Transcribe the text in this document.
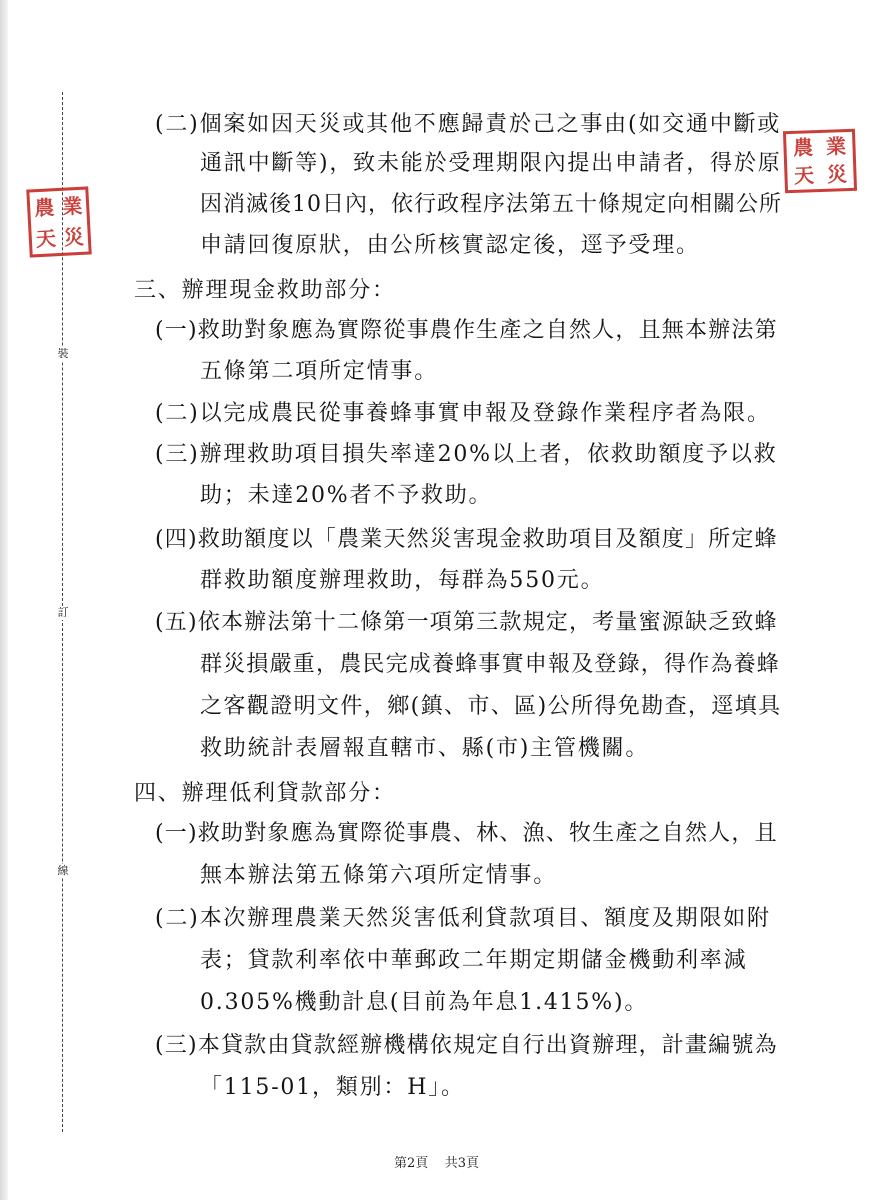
裝
訂
線
農 業
天 災
農 業
天 災
(二)個案如因天災或其他不應歸責於己之事由(如交通中斷或
通訊中斷等)，致未能於受理期限內提出申請者，得於原
因消滅後10日內，依行政程序法第五十條規定向相關公所
申請回復原狀，由公所核實認定後，逕予受理。
三、辦理現金救助部分：
(一)救助對象應為實際從事農作生產之自然人，且無本辦法第
五條第二項所定情事。
(二)以完成農民從事養蜂事實申報及登錄作業程序者為限。
(三)辦理救助項目損失率達20%以上者，依救助額度予以救
助；未達20%者不予救助。
(四)救助額度以「農業天然災害現金救助項目及額度」所定蜂
群救助額度辦理救助，每群為550元。
(五)依本辦法第十二條第一項第三款規定，考量蜜源缺乏致蜂
群災損嚴重，農民完成養蜂事實申報及登錄，得作為養蜂
之客觀證明文件，鄉(鎮、市、區)公所得免勘查，逕填具
救助統計表層報直轄市、縣(市)主管機關。
四、辦理低利貸款部分：
(一)救助對象應為實際從事農、林、漁、牧生產之自然人，且
無本辦法第五條第六項所定情事。
(二)本次辦理農業天然災害低利貸款項目、額度及期限如附
表；貸款利率依中華郵政二年期定期儲金機動利率減
0.305%機動計息(目前為年息1.415%)。
(三)本貸款由貸款經辦機構依規定自行出資辦理，計畫編號為
「115-01，類別：H」。
第2頁    共3頁
